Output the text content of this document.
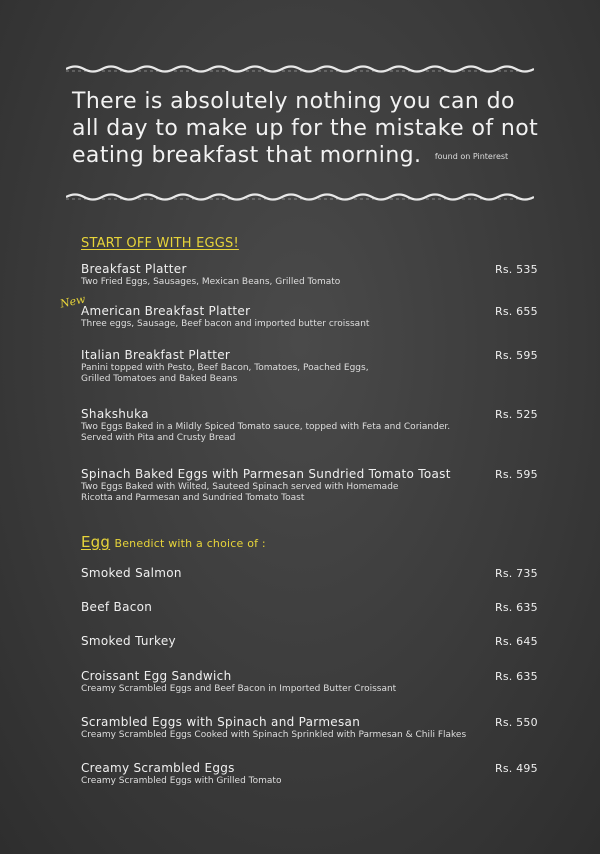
There is absolutely nothing you can do all day to make up for the mistake of not eating breakfast that morning. found on Pinterest
START OFF WITH EGGS!
New
Breakfast Platter
Two Fried Eggs, Sausages, Mexican Beans, Grilled Tomato
Rs. 535
American Breakfast Platter
Three eggs, Sausage, Beef bacon and imported butter croissant
Rs. 655
Italian Breakfast Platter
Panini topped with Pesto, Beef Bacon, Tomatoes, Poached Eggs, Grilled Tomatoes and Baked Beans
Rs. 595
Shakshuka
Two Eggs Baked in a Mildly Spiced Tomato sauce, topped with Feta and Coriander. Served with Pita and Crusty Bread
Rs. 525
Spinach Baked Eggs with Parmesan Sundried Tomato Toast
Two Eggs Baked with Wilted, Sauteed Spinach served with Homemade Ricotta and Parmesan and Sundried Tomato Toast
Rs. 595
Egg Benedict with a choice of :
Smoked Salmon	Rs. 735
Beef Bacon	Rs. 635
Smoked Turkey	Rs. 645
Croissant Egg Sandwich
Creamy Scrambled Eggs and Beef Bacon in Imported Butter Croissant
Rs. 635
Scrambled Eggs with Spinach and Parmesan
Creamy Scrambled Eggs Cooked with Spinach Sprinkled with Parmesan & Chili Flakes
Rs. 550
Creamy Scrambled Eggs
Creamy Scrambled Eggs with Grilled Tomato
Rs. 495
